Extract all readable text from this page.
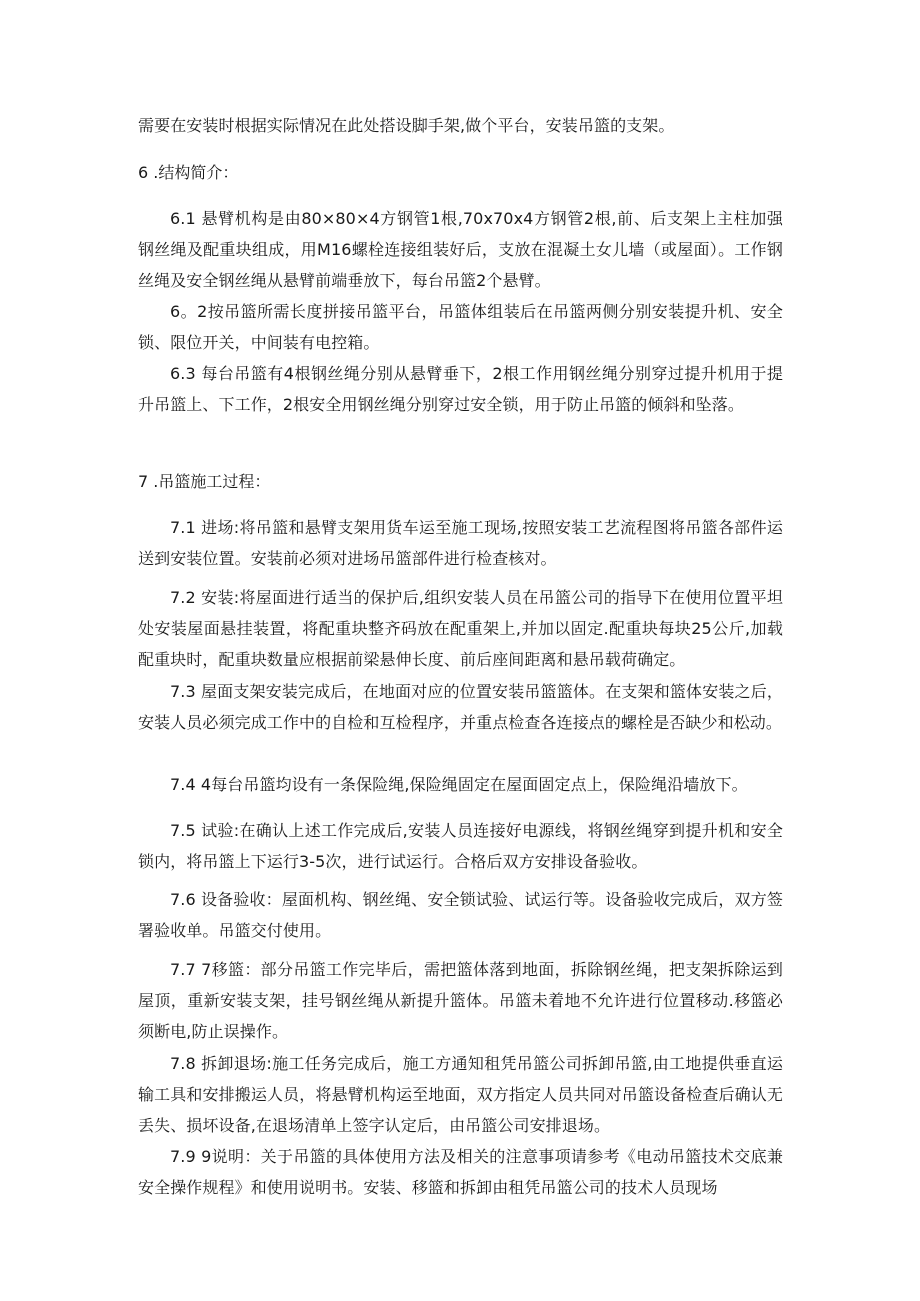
需要在安装时根据实际情况在此处搭设脚手架,做个平台，安装吊篮的支架。

6 .结构简介：

6.1 悬臂机构是由80×80×4方钢管1根,70x70x4方钢管2根,前、后支架上主柱加强钢丝绳及配重块组成，用M16螺栓连接组装好后，支放在混凝土女儿墙（或屋面）。工作钢丝绳及安全钢丝绳从悬臂前端垂放下，每台吊篮2个悬臂。

6。2按吊篮所需长度拼接吊篮平台，吊篮体组装后在吊篮两侧分别安装提升机、安全锁、限位开关，中间装有电控箱。

6.3 每台吊篮有4根钢丝绳分别从悬臂垂下，2根工作用钢丝绳分别穿过提升机用于提升吊篮上、下工作，2根安全用钢丝绳分别穿过安全锁，用于防止吊篮的倾斜和坠落。

7 .吊篮施工过程：

7.1 进场:将吊篮和悬臂支架用货车运至施工现场,按照安装工艺流程图将吊篮各部件运送到安装位置。安装前必须对进场吊篮部件进行检查核对。

7.2 安装:将屋面进行适当的保护后,组织安装人员在吊篮公司的指导下在使用位置平坦处安装屋面悬挂装置，将配重块整齐码放在配重架上,并加以固定.配重块每块25公斤,加载配重块时，配重块数量应根据前梁悬伸长度、前后座间距离和悬吊载荷确定。

7.3 屋面支架安装完成后，在地面对应的位置安装吊篮篮体。在支架和篮体安装之后，安装人员必须完成工作中的自检和互检程序，并重点检查各连接点的螺栓是否缺少和松动。

7.4 4每台吊篮均设有一条保险绳,保险绳固定在屋面固定点上，保险绳沿墙放下。

7.5 试验:在确认上述工作完成后,安装人员连接好电源线，将钢丝绳穿到提升机和安全锁内，将吊篮上下运行3-5次，进行试运行。合格后双方安排设备验收。

7.6 设备验收：屋面机构、钢丝绳、安全锁试验、试运行等。设备验收完成后，双方签署验收单。吊篮交付使用。

7.7 7移篮：部分吊篮工作完毕后，需把篮体落到地面，拆除钢丝绳，把支架拆除运到屋顶，重新安装支架，挂号钢丝绳从新提升篮体。吊篮未着地不允许进行位置移动.移篮必须断电,防止误操作。

7.8 拆卸退场:施工任务完成后，施工方通知租凭吊篮公司拆卸吊篮,由工地提供垂直运输工具和安排搬运人员，将悬臂机构运至地面，双方指定人员共同对吊篮设备检查后确认无丢失、损坏设备,在退场清单上签字认定后，由吊篮公司安排退场。

7.9 9说明：关于吊篮的具体使用方法及相关的注意事项请参考《电动吊篮技术交底兼安全操作规程》和使用说明书。安装、移篮和拆卸由租凭吊篮公司的技术人员现场
